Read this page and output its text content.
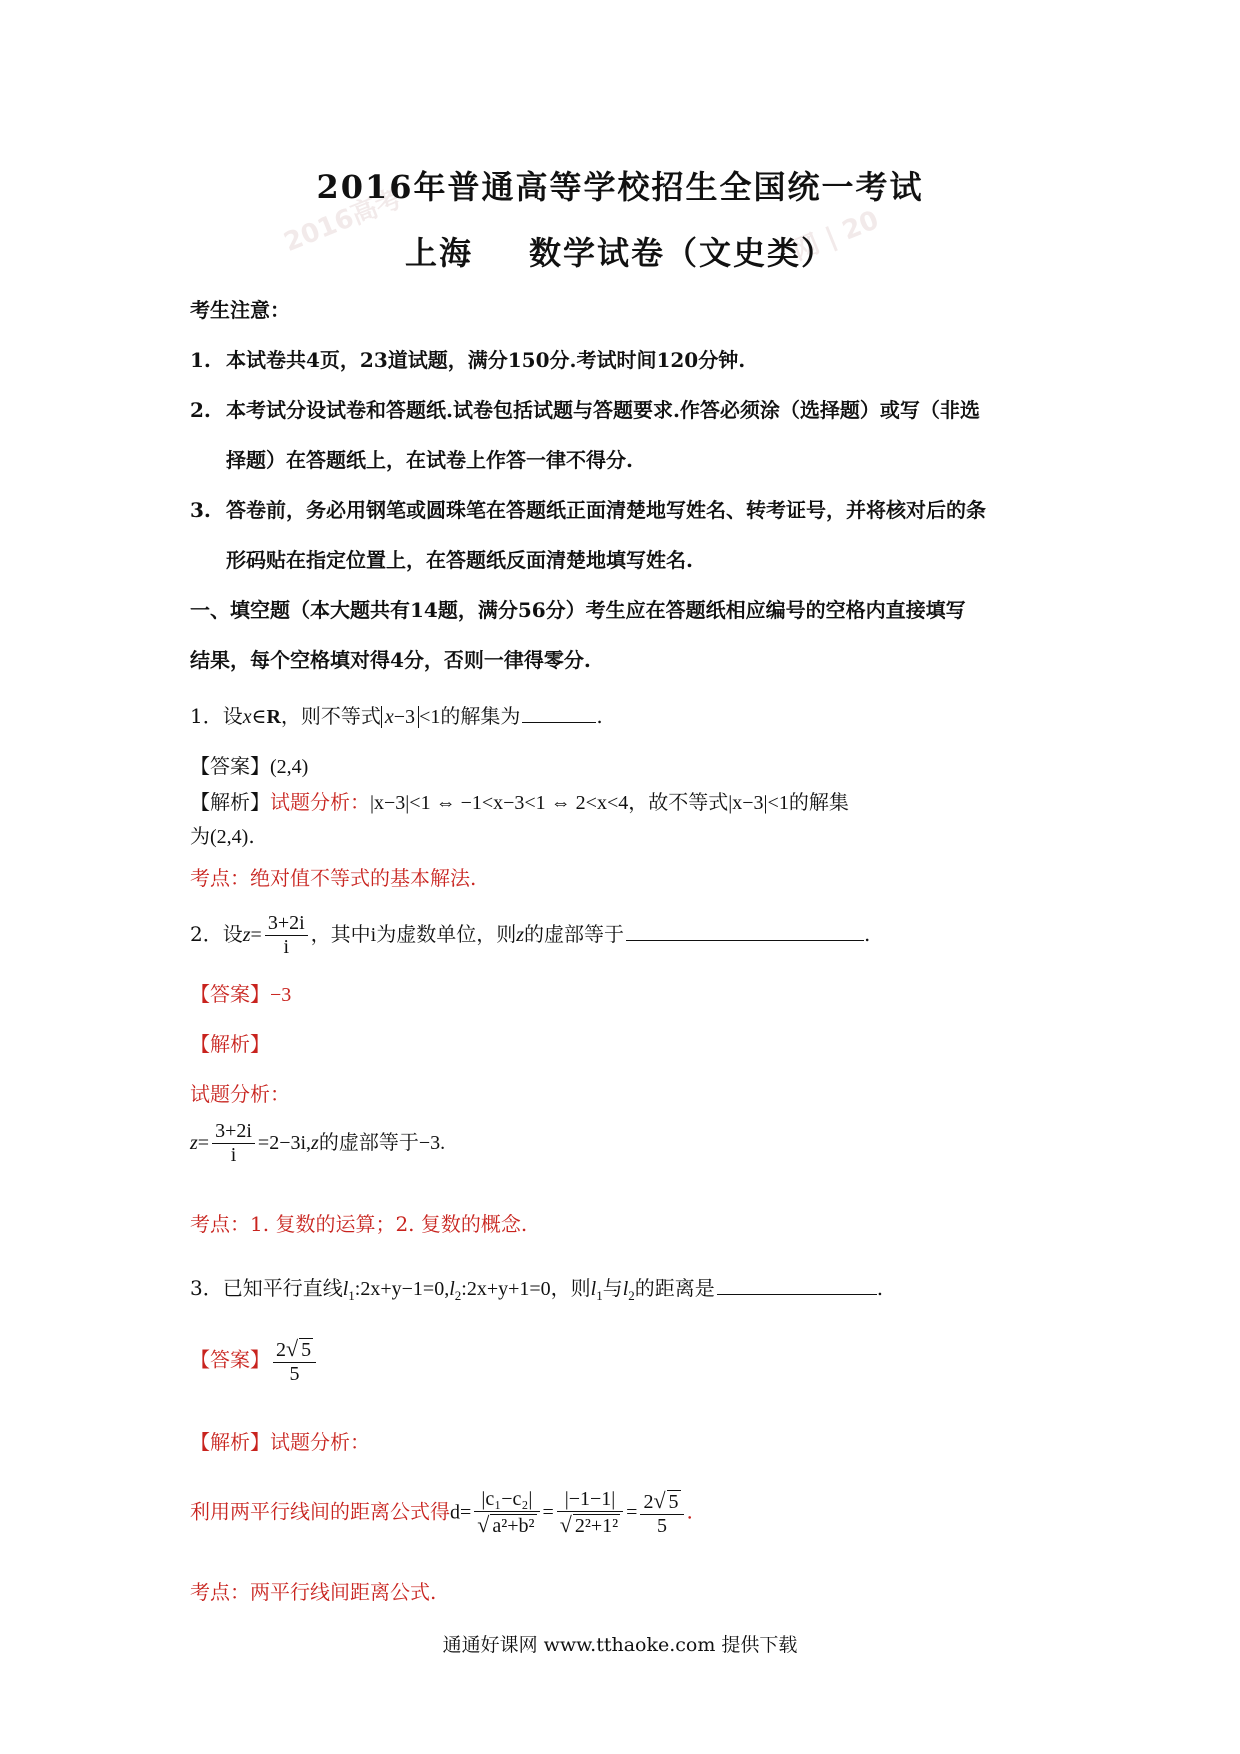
2016高考	网 | 20
2016年普通高等学校招生全国统一考试
上海 数学试卷（文史类）
考生注意：
1. 本试卷共4页，23道试题，满分150分.考试时间120分钟.
2. 本考试分设试卷和答题纸.试卷包括试题与答题要求.作答必须涂（选择题）或写（非选
择题）在答题纸上，在试卷上作答一律不得分.
3. 答卷前，务必用钢笔或圆珠笔在答题纸正面清楚地写姓名、转考证号，并将核对后的条
形码贴在指定位置上，在答题纸反面清楚地填写姓名.
一、填空题（本大题共有14题，满分56分）考生应在答题纸相应编号的空格内直接填写
结果，每个空格填对得4分，否则一律得零分.
1．设x∈R，则不等式 x−3 <1的解集为	.
【答案】(2,4)
【解析】试题分析：|x−3|<1 ⇔ −1<x−3<1 ⇔ 2<x<4，故不等式|x−3|<1的解集
为(2,4).
考点：绝对值不等式的基本解法.
2．设$z= \frac{3+2i}{i}$ ，其中i为虚数单位，则z的虚部等于	.
【答案】−3
【解析】
试题分析：
$z= \frac{3+2i}{i} =2-3i,z$的虚部等于−3.
考点：1. 复数的运算；2. 复数的概念.
3．已知平行直线$l_1:2x+y-1=0,l_2:2x+y+1=0$，则$l_1$与$l_2$的距离是	.
【答案】 $\frac{2√ 5}{5}$
【解析】试题分析：
利用两平行线间的距离公式得$d= \frac{\text{|c₁−c₂|}}{\text{√ a²+b²}} = \frac{|-1-1|}{\text{√ 2²+1²}} = \frac{2√ 5}{5}$ .
考点：两平行线间距离公式.
通通好课网 www.tthaoke.com 提供下载
